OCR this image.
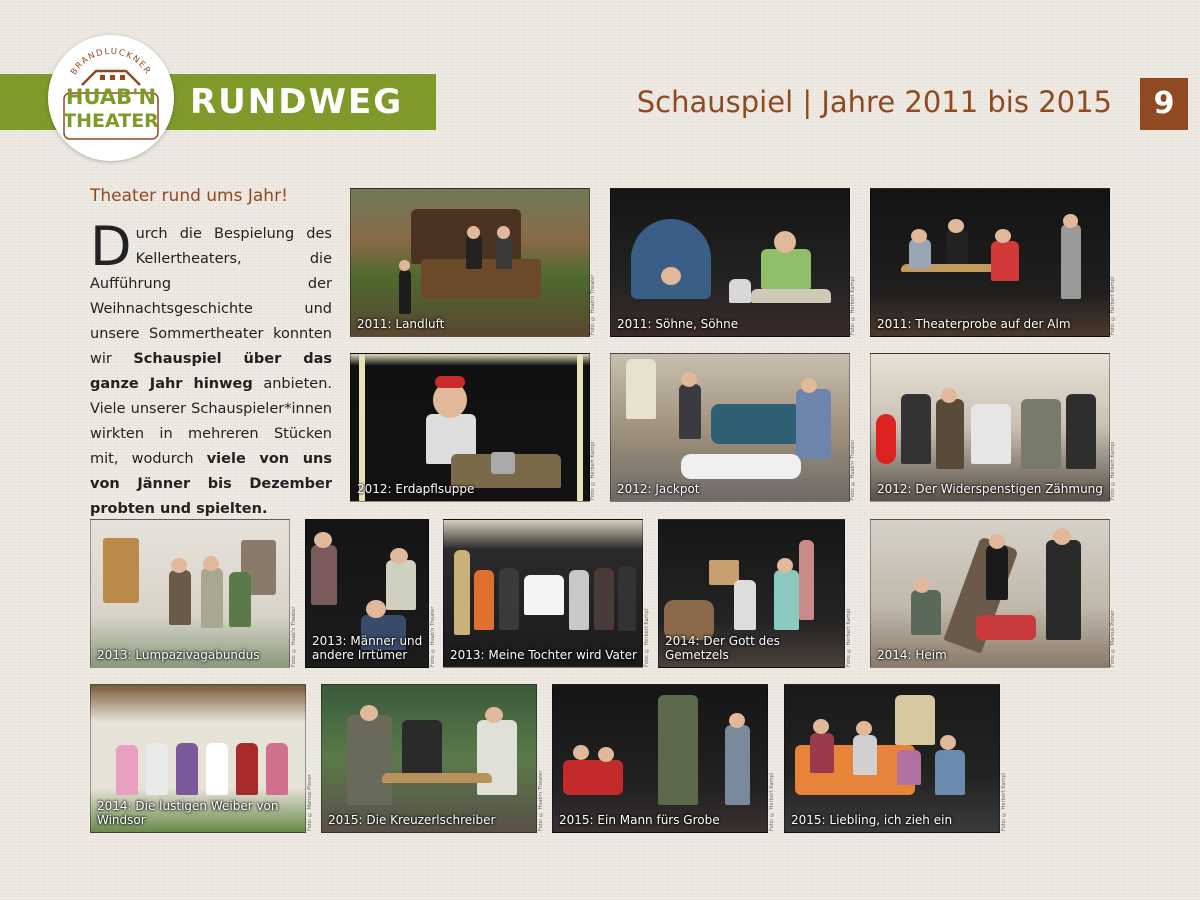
RUNDWEG
BRANDLUCKNER
HUAB'N
THEATER
Schauspiel | Jahre 2011 bis 2015	9
Theater rund ums Jahr!
Durch die Bespielung des Kellertheaters, die Aufführung der Weihnachtsgeschichte und unsere Sommertheater konnten wir Schauspiel über das ganze Jahr hinweg anbieten. Viele unserer Schauspieler*innen wirkten in mehreren Stücken mit, wodurch viele von uns von Jänner bis Dezember probten und spielten.
2011: Landluft	Foto: © Huab'n Theater	2011: Söhne, Söhne	Foto: © Herbert Kampl	2011: Theaterprobe auf der Alm	Foto: © Herbert Kampl
2012: Erdapflsuppe	Foto: © Herbert Kampl	2012: Jackpot	Foto: © Huab'n Theater	2012: Der Widerspenstigen Zähmung Foto: © Herbert Kampl
2013: Lumpazivagabundus	Foto: © Huab'n Theater	2013: Männer und
andere Irrtümer	Foto: © Huab'n Theater	2013: Meine Tochter wird Vater Foto: © Herbert Kampl	2014: Der Gott des Gemetzels	Foto: © Herbert Kampl	2014: Heim	Foto: © Markus Ploner
2014: Die lustigen Weiber von Windsor	Foto: © Markus Ploner	2015: Die Kreuzerlschreiber	Foto: © Huab'n Theater	2015: Ein Mann fürs Grobe	Foto: © Herbert Kampl	2015: Liebling, ich zieh ein	Foto: © Herbert Kampl
